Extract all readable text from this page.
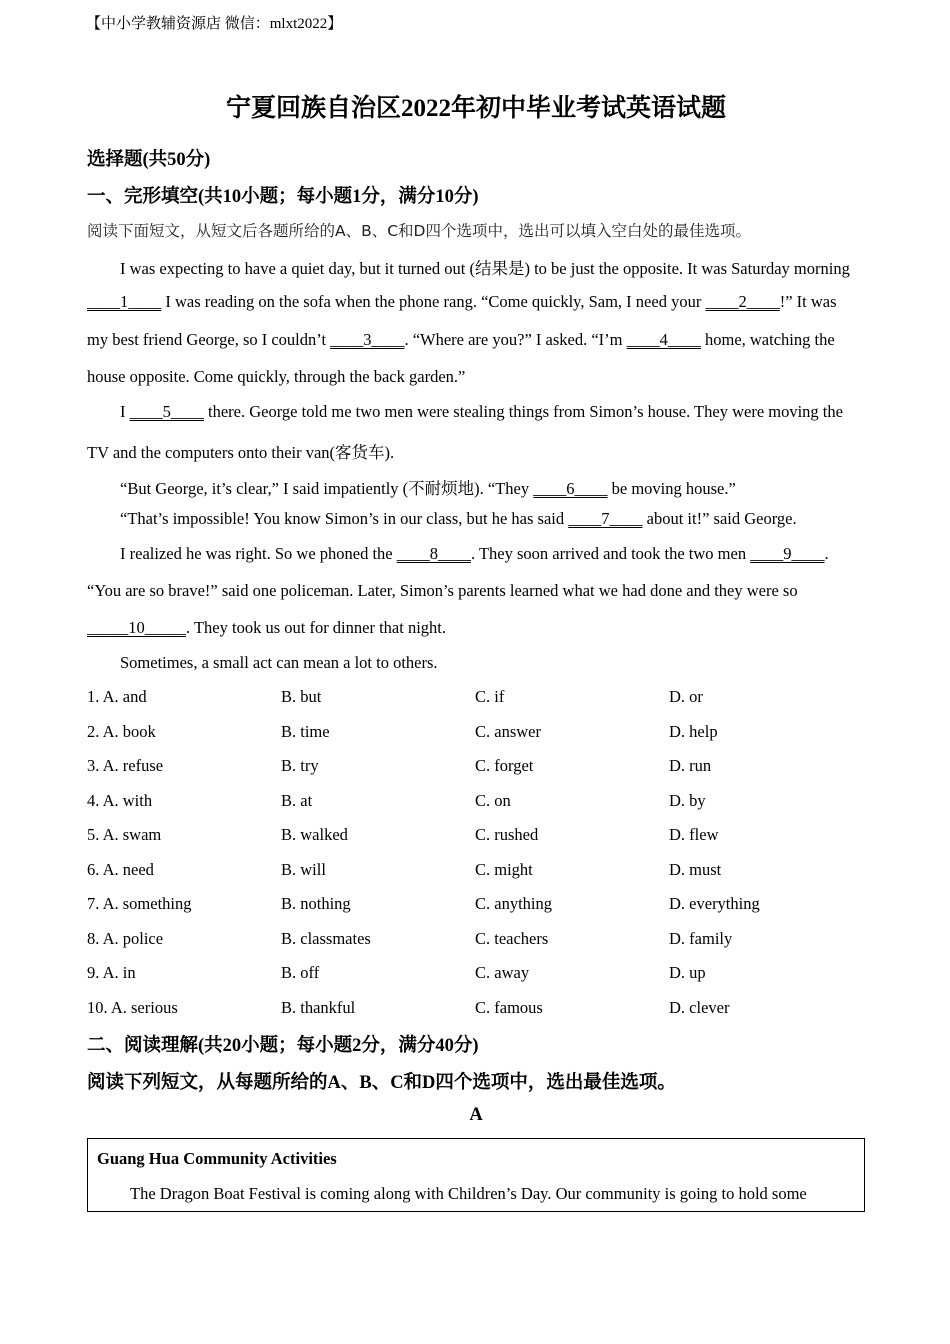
【中小学教辅资源店 微信：mlxt2022】
宁夏回族自治区2022年初中毕业考试英语试题
选择题(共50分)
一、完形填空(共10小题；每小题1分，满分10分)
阅读下面短文，从短文后各题所给的A、B、C和D四个选项中，选出可以填入空白处的最佳选项。
I was expecting to have a quiet day, but it turned out (结果是) to be just the opposite. It was Saturday morning
____1____ I was reading on the sofa when the phone rang. “Come quickly, Sam, I need your ____2____!” It was
my best friend George, so I couldn’t ____3____. “Where are you?” I asked. “I’m ____4____ home, watching the
house opposite. Come quickly, through the back garden.”
I ____5____ there. George told me two men were stealing things from Simon’s house. They were moving the
TV and the computers onto their van(客货车).
“But George, it’s clear,” I said impatiently (不耐烦地). “They ____6____ be moving house.”
“That’s impossible! You know Simon’s in our class, but he has said ____7____ about it!” said George.
I realized he was right. So we phoned the ____8____. They soon arrived and took the two men ____9____.
“You are so brave!” said one policeman. Later, Simon’s parents learned what we had done and they were so
_____10_____. They took us out for dinner that night.
Sometimes, a small act can mean a lot to others.
1. A. and	B. but	C. if	D. or
2. A. book	B. time	C. answer	D. help
3. A. refuse	B. try	C. forget	D. run
4. A. with	B. at	C. on	D. by
5. A. swam	B. walked	C. rushed	D. flew
6. A. need	B. will	C. might	D. must
7. A. something	B. nothing	C. anything	D. everything
8. A. police	B. classmates	C. teachers	D. family
9. A. in	B. off	C. away	D. up
10. A. serious	B. thankful	C. famous	D. clever
二、阅读理解(共20小题；每小题2分，满分40分)
阅读下列短文，从每题所给的A、B、C和D四个选项中，选出最佳选项。
A
Guang Hua Community Activities
The Dragon Boat Festival is coming along with Children’s Day. Our community is going to hold some
